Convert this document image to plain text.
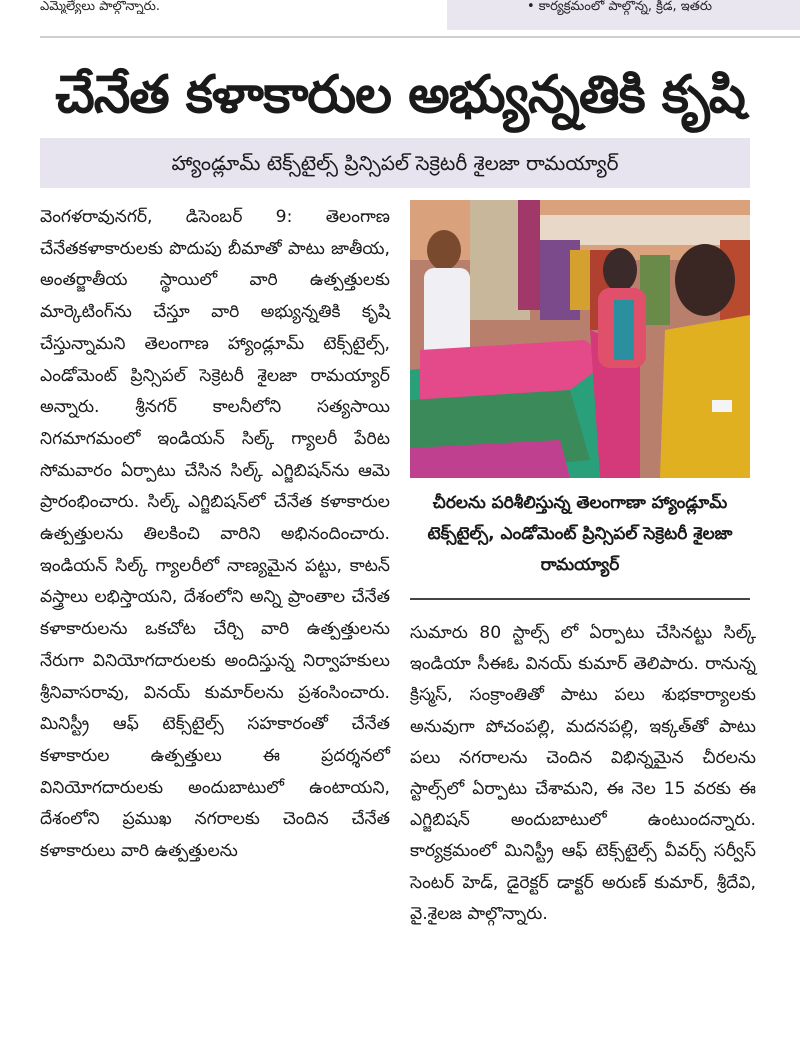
ఎమ్మెల్యేలు పాల్గొన్నారు.	• కార్యక్రమంలో పాల్గొన్న, క్రీడ, ఇతరు
చేనేత కళాకారుల అభ్యున్నతికి కృషి
హ్యాండ్లూమ్ టెక్స్‌టైల్స్ ప్రిన్సిపల్ సెక్రెటరీ శైలజా రామయ్యార్

వెంగళరావునగర్, డిసెంబర్ 9: తెలంగాణ చేనేతకళాకారులకు పొదుపు బీమాతో పాటు జాతీయ, అంతర్జాతీయ స్థాయిలో వారి ఉత్పత్తులకు మార్కెటింగ్‌ను చేస్తూ వారి అభ్యున్నతికి కృషి చేస్తున్నామని తెలంగాణ హ్యాండ్లూమ్ టెక్స్‌టైల్స్, ఎండోమెంట్ ప్రిన్సిపల్ సెక్రెటరీ శైలజా రామయ్యార్ అన్నారు. శ్రీనగర్ కాలనీలోని సత్యసాయి నిగమాగమంలో ఇండియన్ సిల్క్ గ్యాలరీ పేరిట సోమవారం ఏర్పాటు చేసిన సిల్క్ ఎగ్జిబిషన్‌ను ఆమె ప్రారంభించారు. సిల్క్ ఎగ్జిబిషన్‌లో చేనేత కళాకారుల ఉత్పత్తులను తిలకించి వారిని అభినందించారు. ఇండియన్ సిల్క్ గ్యాలరీలో నాణ్యమైన పట్టు, కాటన్ వస్త్రాలు లభిస్తాయని, దేశంలోని అన్ని ప్రాంతాల చేనేత కళాకారులను ఒకచోట చేర్చి వారి ఉత్పత్తులను నేరుగా వినియోగదారులకు అందిస్తున్న నిర్వాహకులు శ్రీనివాసరావు, వినయ్ కుమార్‌లను ప్రశంసించారు. మినిస్ట్రీ ఆఫ్ టెక్స్‌టైల్స్ సహకారంతో చేనేత కళాకారుల ఉత్పత్తులు ఈ ప్రదర్శనలో వినియోగదారులకు అందుబాటులో ఉంటాయని, దేశంలోని ప్రముఖ నగరాలకు చెందిన చేనేత కళాకారులు వారి ఉత్పత్తులను

చీరలను పరిశీలిస్తున్న తెలంగాణా హ్యాండ్లూమ్ టెక్స్‌టైల్స్, ఎండోమెంట్ ప్రిన్సిపల్ సెక్రెటరీ శైలజా రామయ్యార్

సుమారు 80 స్టాల్స్ లో ఏర్పాటు చేసినట్టు సిల్క్ ఇండియా సీఈఓ వినయ్ కుమార్ తెలిపారు. రానున్న క్రిస్మస్, సంక్రాంతితో పాటు పలు శుభకార్యాలకు అనువుగా పోచంపల్లి, మదనపల్లి, ఇక్కత్‌తో పాటు పలు నగరాలను చెందిన విభిన్నమైన చీరలను స్టాల్స్‌లో ఏర్పాటు చేశామని, ఈ నెల 15 వరకు ఈ ఎగ్జిబిషన్ అందుబాటులో ఉంటుందన్నారు. కార్యక్రమంలో మినిస్ట్రీ ఆఫ్ టెక్స్‌టైల్స్ వీవర్స్ సర్వీస్ సెంటర్ హెడ్, డైరెక్టర్ డాక్టర్ అరుణ్ కుమార్, శ్రీదేవి, వై.శైలజ పాల్గొన్నారు.
